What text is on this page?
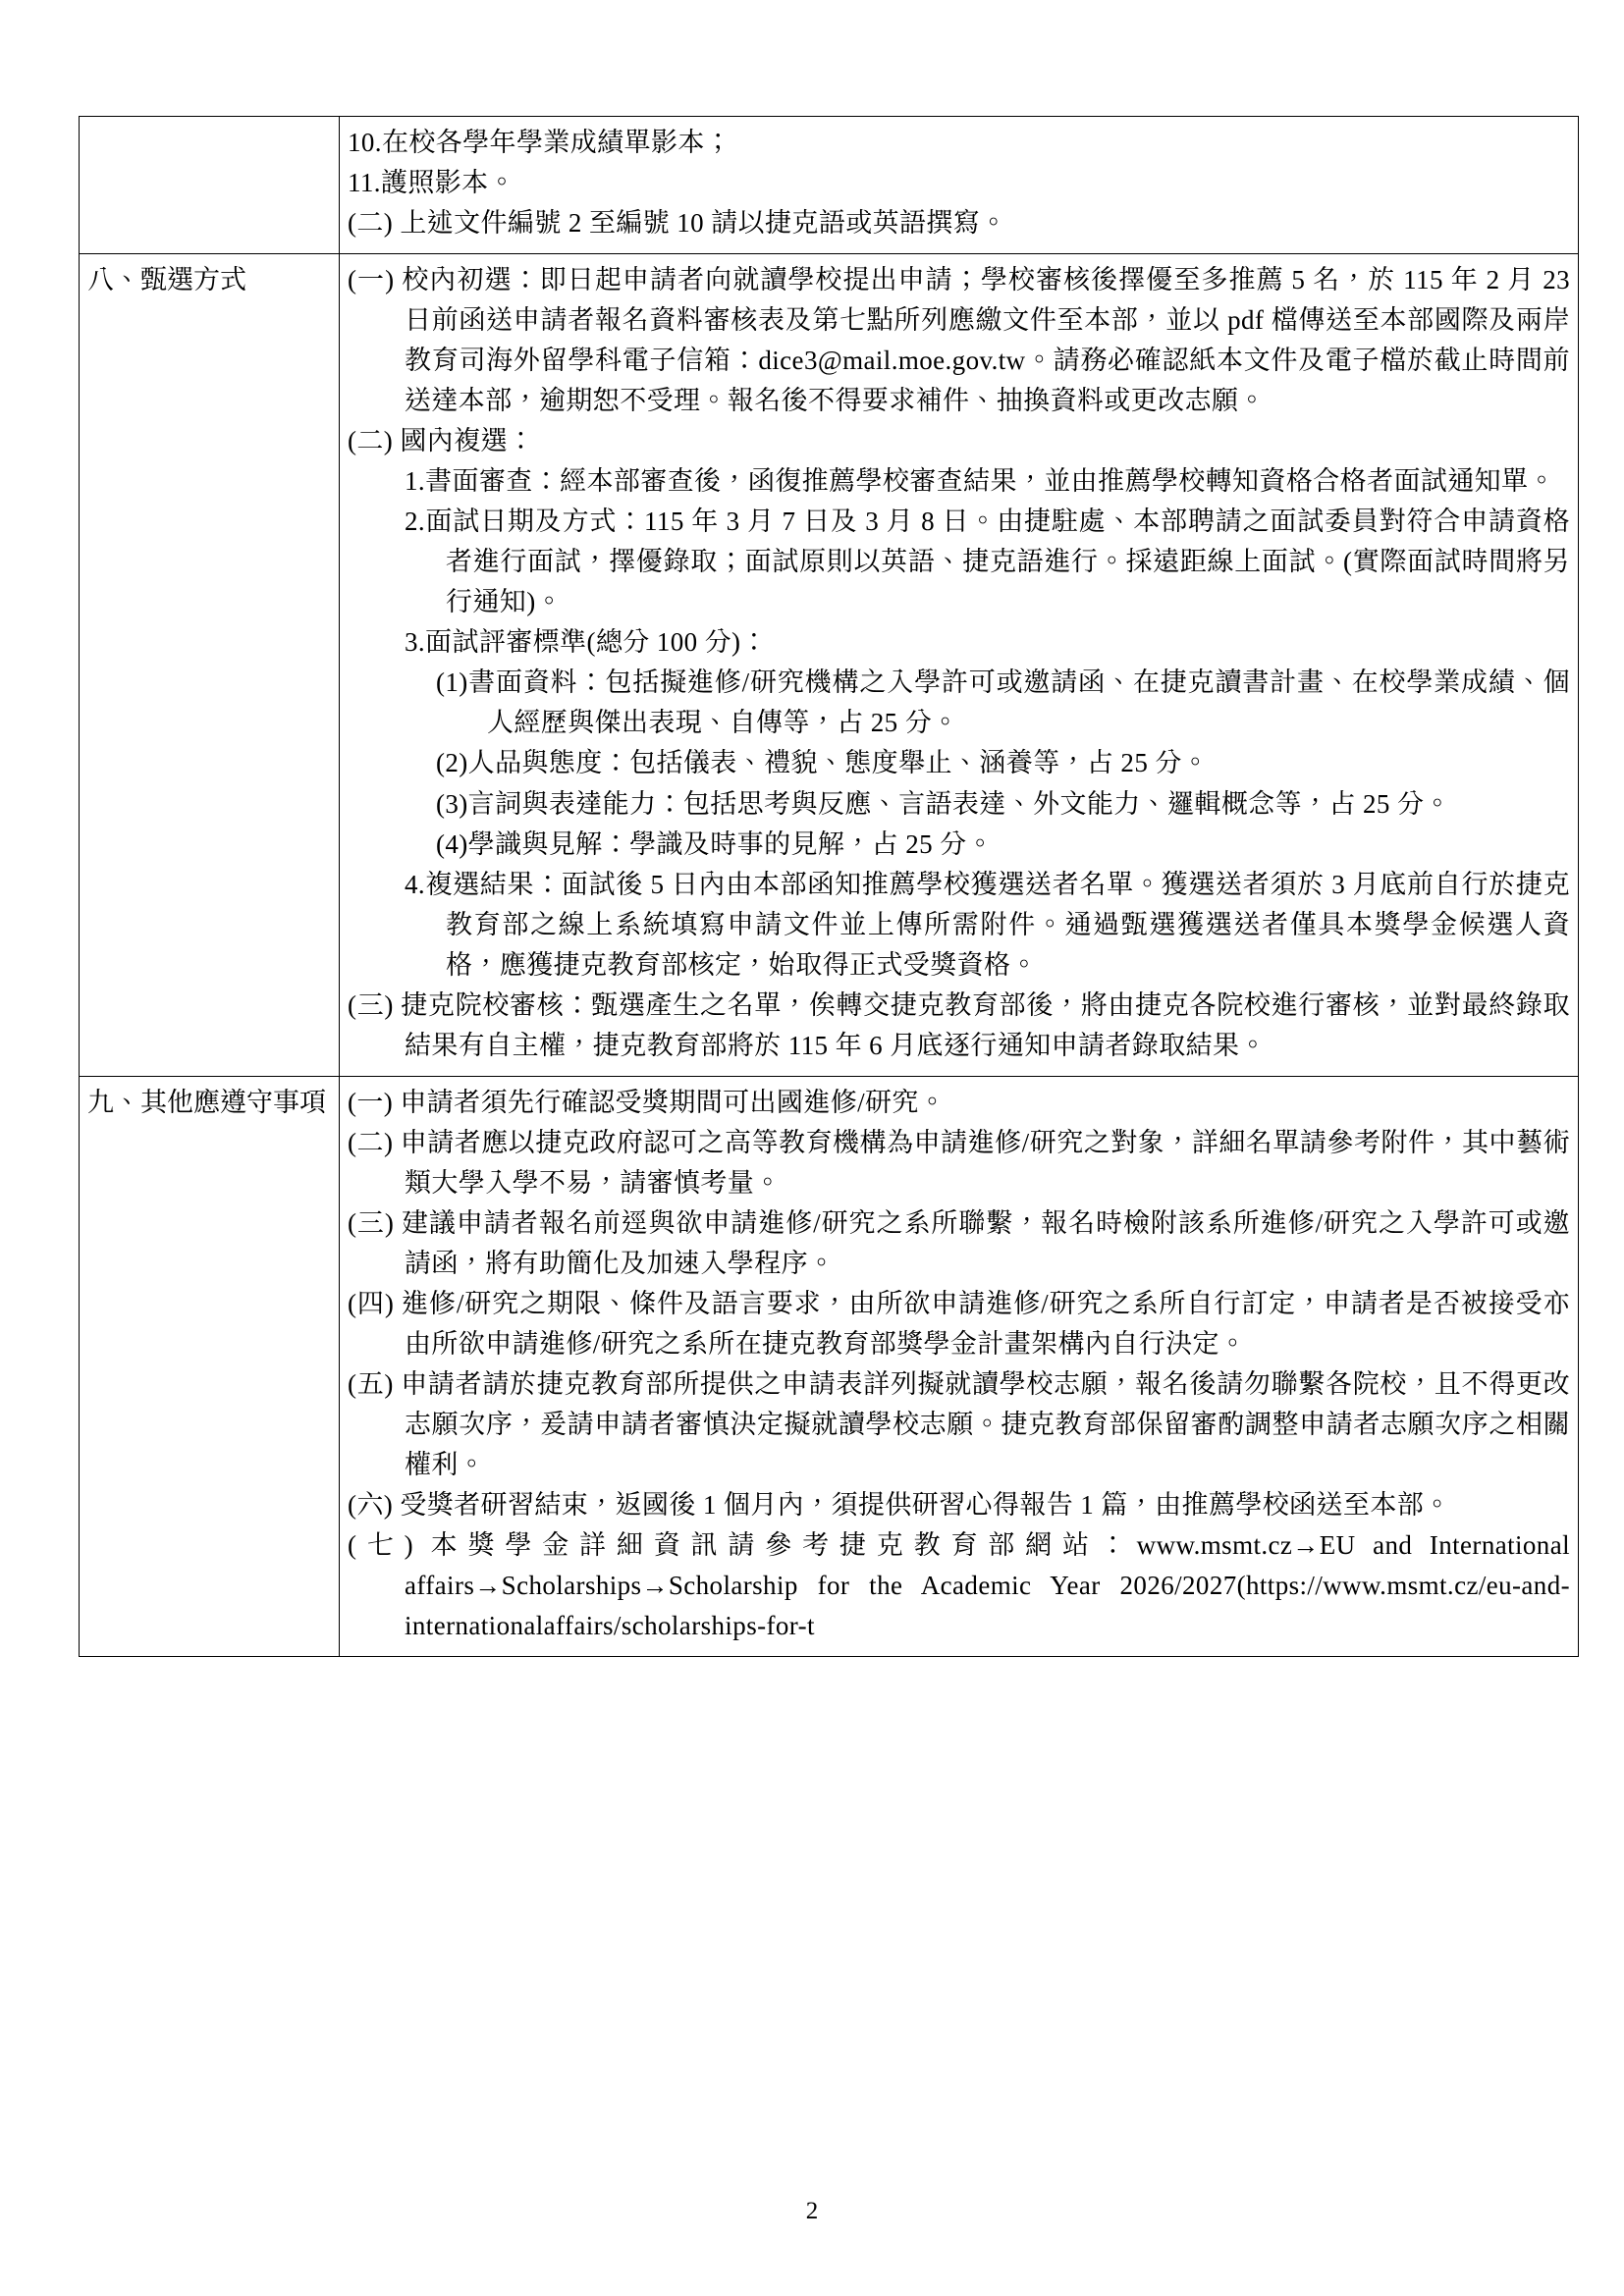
	10.在校各學年學業成績單影本；
11.護照影本。
(二) 上述文件編號 2 至編號 10 請以捷克語或英語撰寫。

八、甄選方式	(一) 校內初選：即日起申請者向就讀學校提出申請；學校審核後擇優至多推薦 5 名，於 115 年 2 月 23 日前函送申請者報名資料審核表及第七點所列應繳文件至本部，並以 pdf 檔傳送至本部國際及兩岸教育司海外留學科電子信箱：dice3@mail.moe.gov.tw。請務必確認紙本文件及電子檔於截止時間前送達本部，逾期恕不受理。報名後不得要求補件、抽換資料或更改志願。
(二) 國內複選：
1.書面審查：經本部審查後，函復推薦學校審查結果，並由推薦學校轉知資格合格者面試通知單。
2.面試日期及方式：115 年 3 月 7 日及 3 月 8 日。由捷駐處、本部聘請之面試委員對符合申請資格者進行面試，擇優錄取；面試原則以英語、捷克語進行。採遠距線上面試。(實際面試時間將另行通知)。
3.面試評審標準(總分 100 分)：
(1)書面資料：包括擬進修/研究機構之入學許可或邀請函、在捷克讀書計畫、在校學業成績、個人經歷與傑出表現、自傳等，占 25 分。
(2)人品與態度：包括儀表、禮貌、態度舉止、涵養等，占 25 分。
(3)言詞與表達能力：包括思考與反應、言語表達、外文能力、邏輯概念等，占 25 分。
(4)學識與見解：學識及時事的見解，占 25 分。
4.複選結果：面試後 5 日內由本部函知推薦學校獲選送者名單。獲選送者須於 3 月底前自行於捷克教育部之線上系統填寫申請文件並上傳所需附件。通過甄選獲選送者僅具本獎學金候選人資格，應獲捷克教育部核定，始取得正式受獎資格。
(三) 捷克院校審核：甄選產生之名單，俟轉交捷克教育部後，將由捷克各院校進行審核，並對最終錄取結果有自主權，捷克教育部將於 115 年 6 月底逐行通知申請者錄取結果。

九、其他應遵守事項	(一) 申請者須先行確認受獎期間可出國進修/研究。
(二) 申請者應以捷克政府認可之高等教育機構為申請進修/研究之對象，詳細名單請參考附件，其中藝術類大學入學不易，請審慎考量。
(三) 建議申請者報名前逕與欲申請進修/研究之系所聯繫，報名時檢附該系所進修/研究之入學許可或邀請函，將有助簡化及加速入學程序。
(四) 進修/研究之期限、條件及語言要求，由所欲申請進修/研究之系所自行訂定，申請者是否被接受亦由所欲申請進修/研究之系所在捷克教育部獎學金計畫架構內自行決定。
(五) 申請者請於捷克教育部所提供之申請表詳列擬就讀學校志願，報名後請勿聯繫各院校，且不得更改志願次序，爰請申請者審慎決定擬就讀學校志願。捷克教育部保留審酌調整申請者志願次序之相關權利。
(六) 受獎者研習結束，返國後 1 個月內，須提供研習心得報告 1 篇，由推薦學校函送至本部。
(七) 本獎學金詳細資訊請參考捷克教育部網站：www.msmt.cz→EU and International affairs→Scholarships→Scholarship for the Academic Year 2026/2027(https://www.msmt.cz/eu-and-internationalaffairs/scholarships-for-t
2
